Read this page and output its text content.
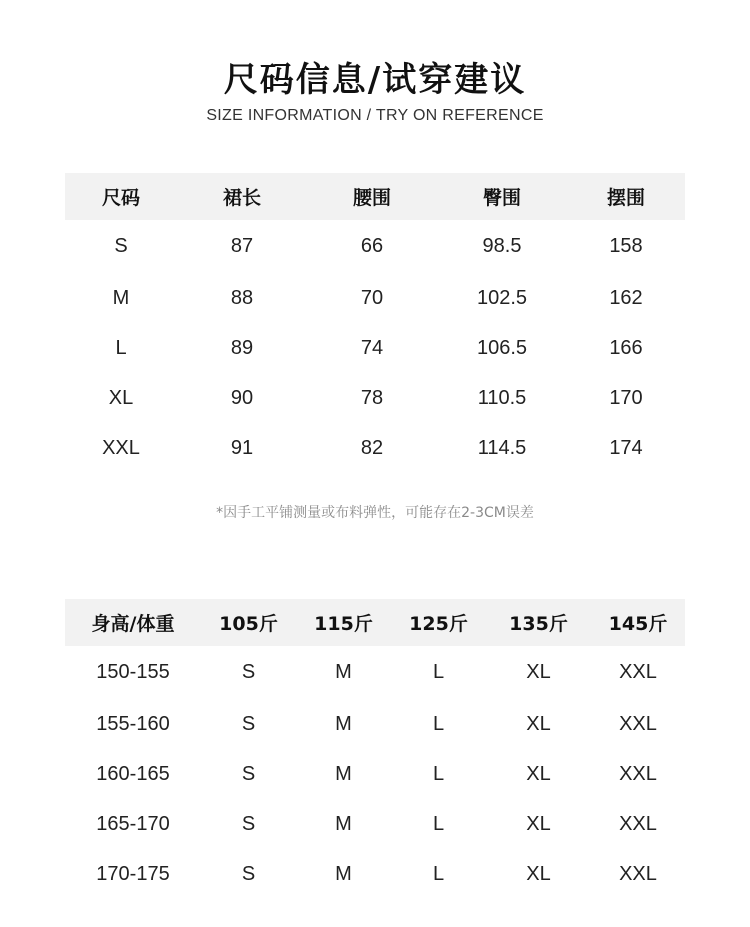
尺码信息/试穿建议
SIZE INFORMATION / TRY ON REFERENCE
尺码	裙长	腰围	臀围	摆围
S	87	66	98.5	158
M	88	70	102.5	162
L	89	74	106.5	166
XL	90	78	110.5	170
XXL	91	82	114.5	174
*因手工平铺测量或布料弹性，可能存在2-3CM误差
身高/体重	105斤	115斤	125斤	135斤	145斤
150-155	S	M	L	XL	XXL
155-160	S	M	L	XL	XXL
160-165	S	M	L	XL	XXL
165-170	S	M	L	XL	XXL
170-175	S	M	L	XL	XXL
